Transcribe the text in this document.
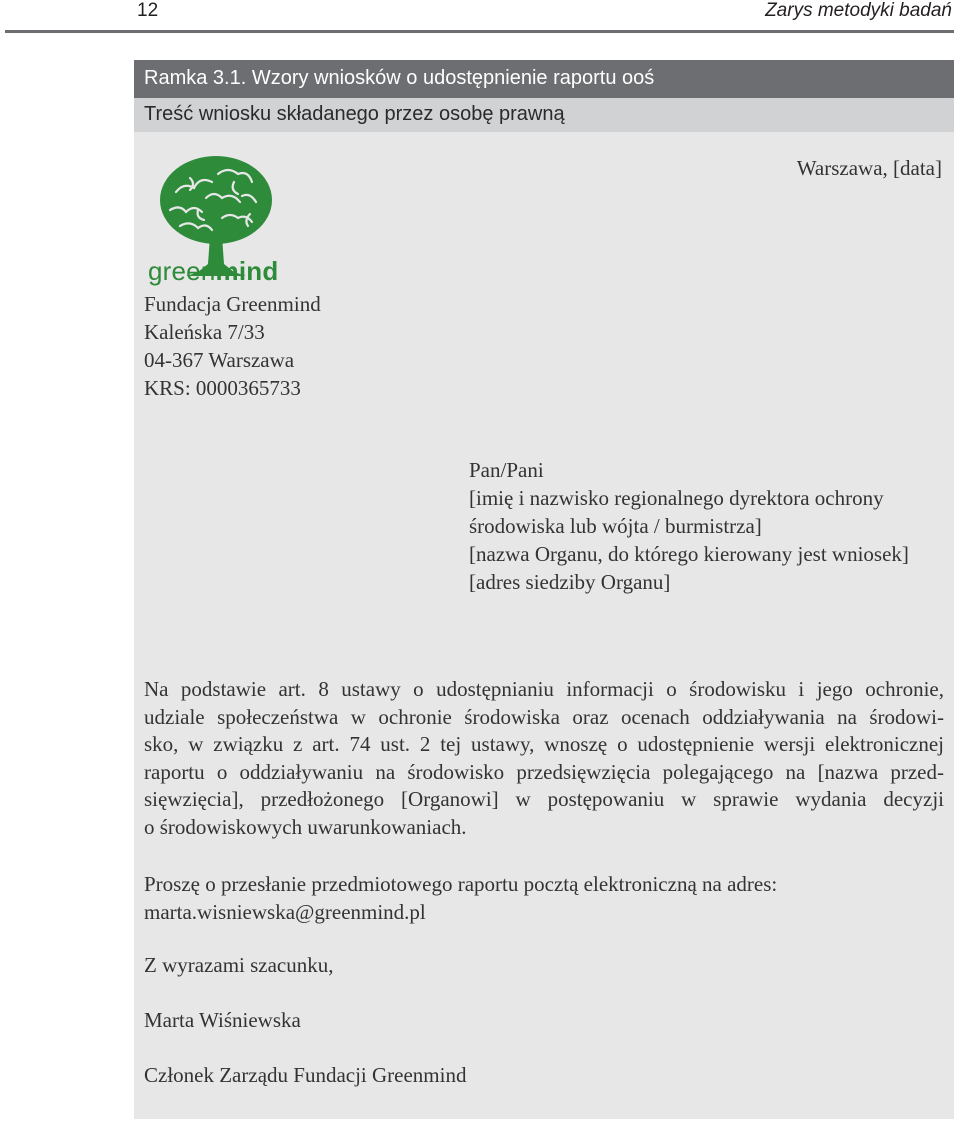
12	Zarys metodyki badań
Ramka 3.1. Wzory wniosków o udostępnienie raportu ooś
Treść wniosku składanego przez osobę prawną
Warszawa, [data]
greenmind
Fundacja Greenmind
Kaleńska 7/33
04-367 Warszawa
KRS: 0000365733
Pan/Pani
[imię i nazwisko regionalnego dyrektora ochrony
środowiska lub wójta / burmistrza]
[nazwa Organu, do którego kierowany jest wniosek]
[adres siedziby Organu]
Na podstawie art. 8 ustawy o udostępnianiu informacji o środowisku i jego ochronie,
udziale społeczeństwa w ochronie środowiska oraz ocenach oddziaływania na środowi-
sko, w związku z art. 74 ust. 2 tej ustawy, wnoszę o udostępnienie wersji elektronicznej
raportu o oddziaływaniu na środowisko przedsięwzięcia polegającego na [nazwa przed-
sięwzięcia], przedłożonego [Organowi] w postępowaniu w sprawie wydania decyzji
o środowiskowych uwarunkowaniach.
Proszę o przesłanie przedmiotowego raportu pocztą elektroniczną na adres:
marta.wisniewska@greenmind.pl
Z wyrazami szacunku,
Marta Wiśniewska
Członek Zarządu Fundacji Greenmind
